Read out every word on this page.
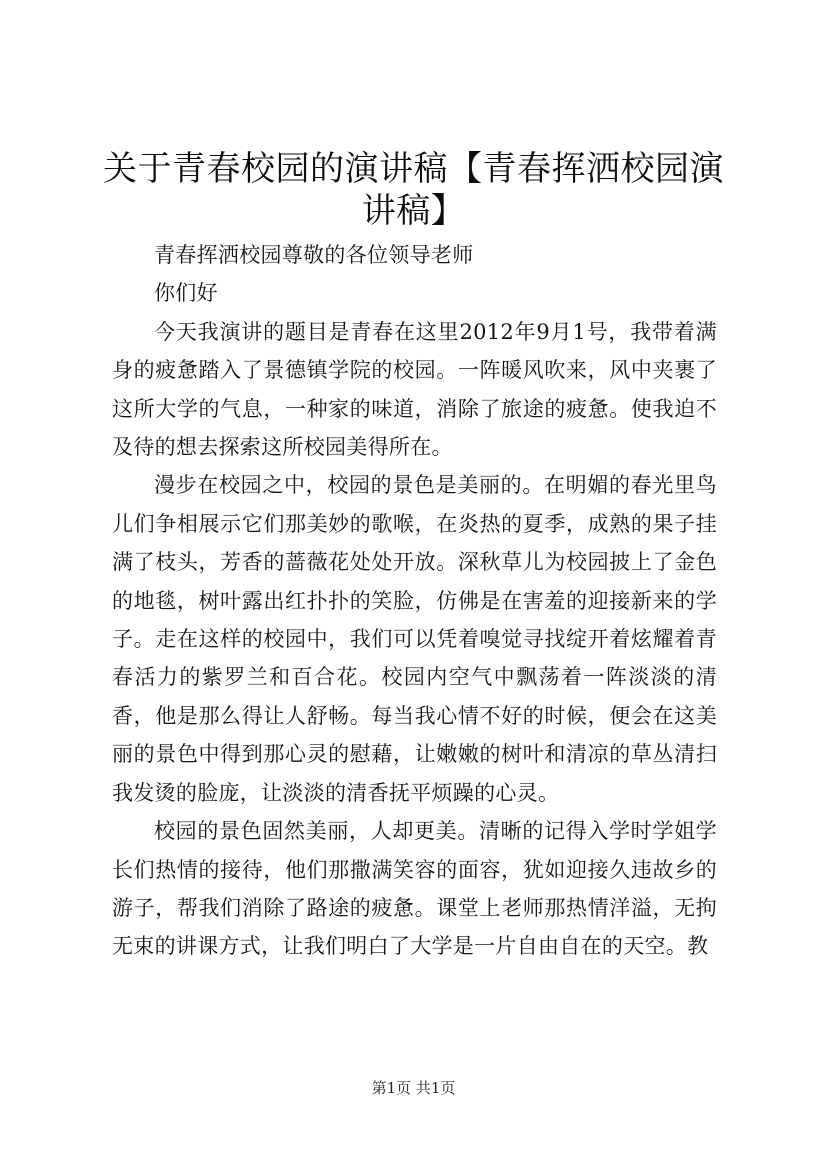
关于青春校园的演讲稿【青春挥洒校园演讲稿】

青春挥洒校园尊敬的各位领导老师

你们好

今天我演讲的题目是青春在这里2012年9月1号，我带着满身的疲惫踏入了景德镇学院的校园。一阵暖风吹来，风中夹裹了这所大学的气息，一种家的味道，消除了旅途的疲惫。使我迫不及待的想去探索这所校园美得所在。

漫步在校园之中，校园的景色是美丽的。在明媚的春光里鸟儿们争相展示它们那美妙的歌喉，在炎热的夏季，成熟的果子挂满了枝头，芳香的蔷薇花处处开放。深秋草儿为校园披上了金色的地毯，树叶露出红扑扑的笑脸，仿佛是在害羞的迎接新来的学子。走在这样的校园中，我们可以凭着嗅觉寻找绽开着炫耀着青春活力的紫罗兰和百合花。校园内空气中飘荡着一阵淡淡的清香，他是那么得让人舒畅。每当我心情不好的时候，便会在这美丽的景色中得到那心灵的慰藉，让嫩嫩的树叶和清凉的草丛清扫我发烫的脸庞，让淡淡的清香抚平烦躁的心灵。

校园的景色固然美丽，人却更美。清晰的记得入学时学姐学长们热情的接待，他们那撒满笑容的面容，犹如迎接久违故乡的游子，帮我们消除了路途的疲惫。课堂上老师那热情洋溢，无拘无束的讲课方式，让我们明白了大学是一片自由自在的天空。教

第1页 共1页
